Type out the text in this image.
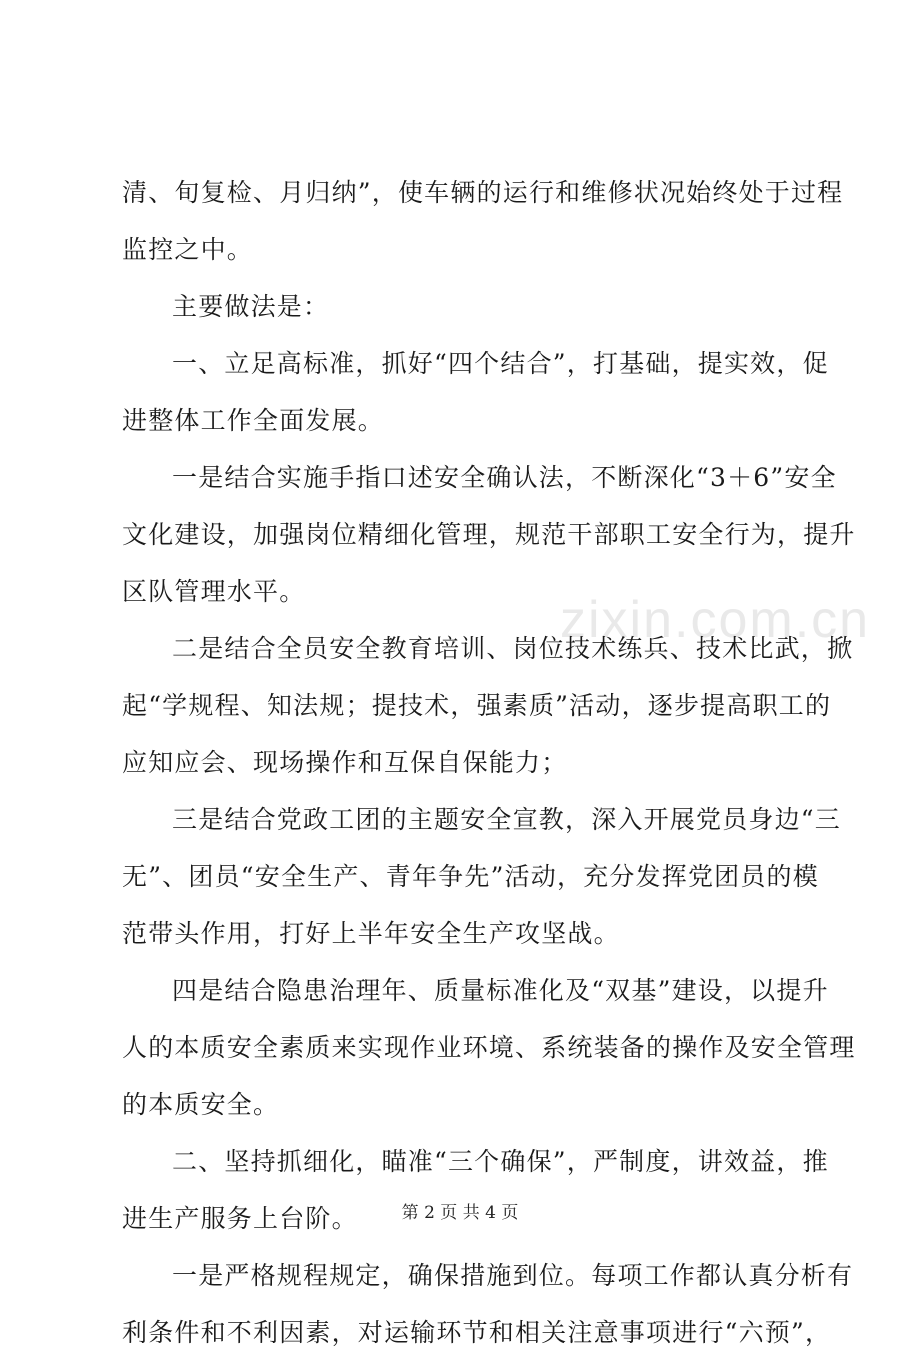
zixin.com.cn
清、旬复检、月归纳”，使车辆的运行和维修状况始终处于过程
监控之中。
主要做法是：
一、立足高标准，抓好“四个结合”，打基础，提实效，促
进整体工作全面发展。
一是结合实施手指口述安全确认法，不断深化“3＋6”安全
文化建设，加强岗位精细化管理，规范干部职工安全行为，提升
区队管理水平。
二是结合全员安全教育培训、岗位技术练兵、技术比武，掀
起“学规程、知法规；提技术，强素质”活动，逐步提高职工的
应知应会、现场操作和互保自保能力；
三是结合党政工团的主题安全宣教，深入开展党员身边“三
无”、团员“安全生产、青年争先”活动，充分发挥党团员的模
范带头作用，打好上半年安全生产攻坚战。
四是结合隐患治理年、质量标准化及“双基”建设，以提升
人的本质安全素质来实现作业环境、系统装备的操作及安全管理
的本质安全。
二、坚持抓细化，瞄准“三个确保”，严制度，讲效益，推
进生产服务上台阶。
一是严格规程规定，确保措施到位。每项工作都认真分析有
利条件和不利因素，对运输环节和相关注意事项进行“六预”，
第 2 页 共 4 页
